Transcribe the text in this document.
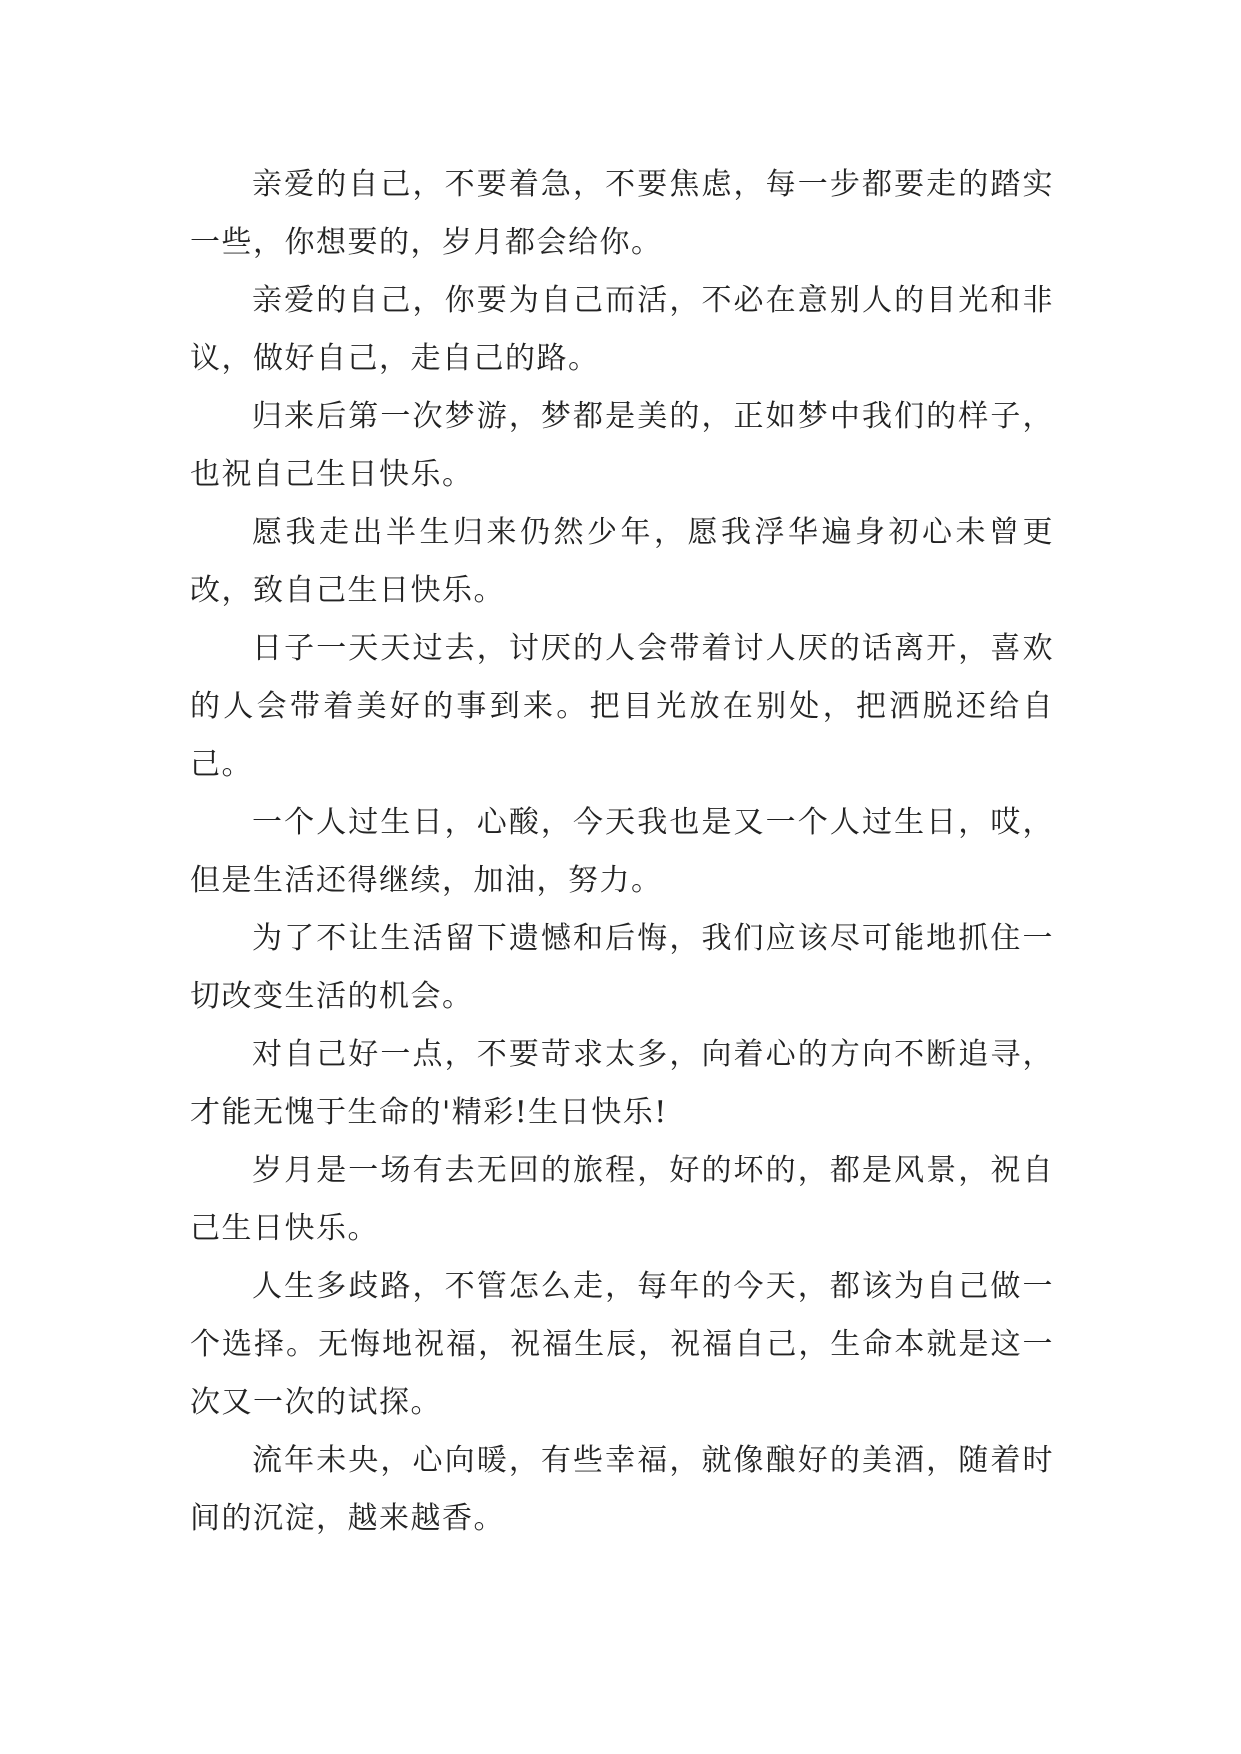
亲爱的自己，不要着急，不要焦虑，每一步都要走的踏实一些，你想要的，岁月都会给你。

亲爱的自己，你要为自己而活，不必在意别人的目光和非议，做好自己，走自己的路。

归来后第一次梦游，梦都是美的，正如梦中我们的样子，也祝自己生日快乐。

愿我走出半生归来仍然少年，愿我浮华遍身初心未曾更改，致自己生日快乐。

日子一天天过去，讨厌的人会带着讨人厌的话离开，喜欢的人会带着美好的事到来。把目光放在别处，把洒脱还给自己。

一个人过生日，心酸，今天我也是又一个人过生日，哎，但是生活还得继续，加油，努力。

为了不让生活留下遗憾和后悔，我们应该尽可能地抓住一切改变生活的机会。

对自己好一点，不要苛求太多，向着心的方向不断追寻，才能无愧于生命的'精彩!生日快乐!

岁月是一场有去无回的旅程，好的坏的，都是风景，祝自己生日快乐。

人生多歧路，不管怎么走，每年的今天，都该为自己做一个选择。无悔地祝福，祝福生辰，祝福自己，生命本就是这一次又一次的试探。

流年未央，心向暖，有些幸福，就像酿好的美酒，随着时间的沉淀，越来越香。
